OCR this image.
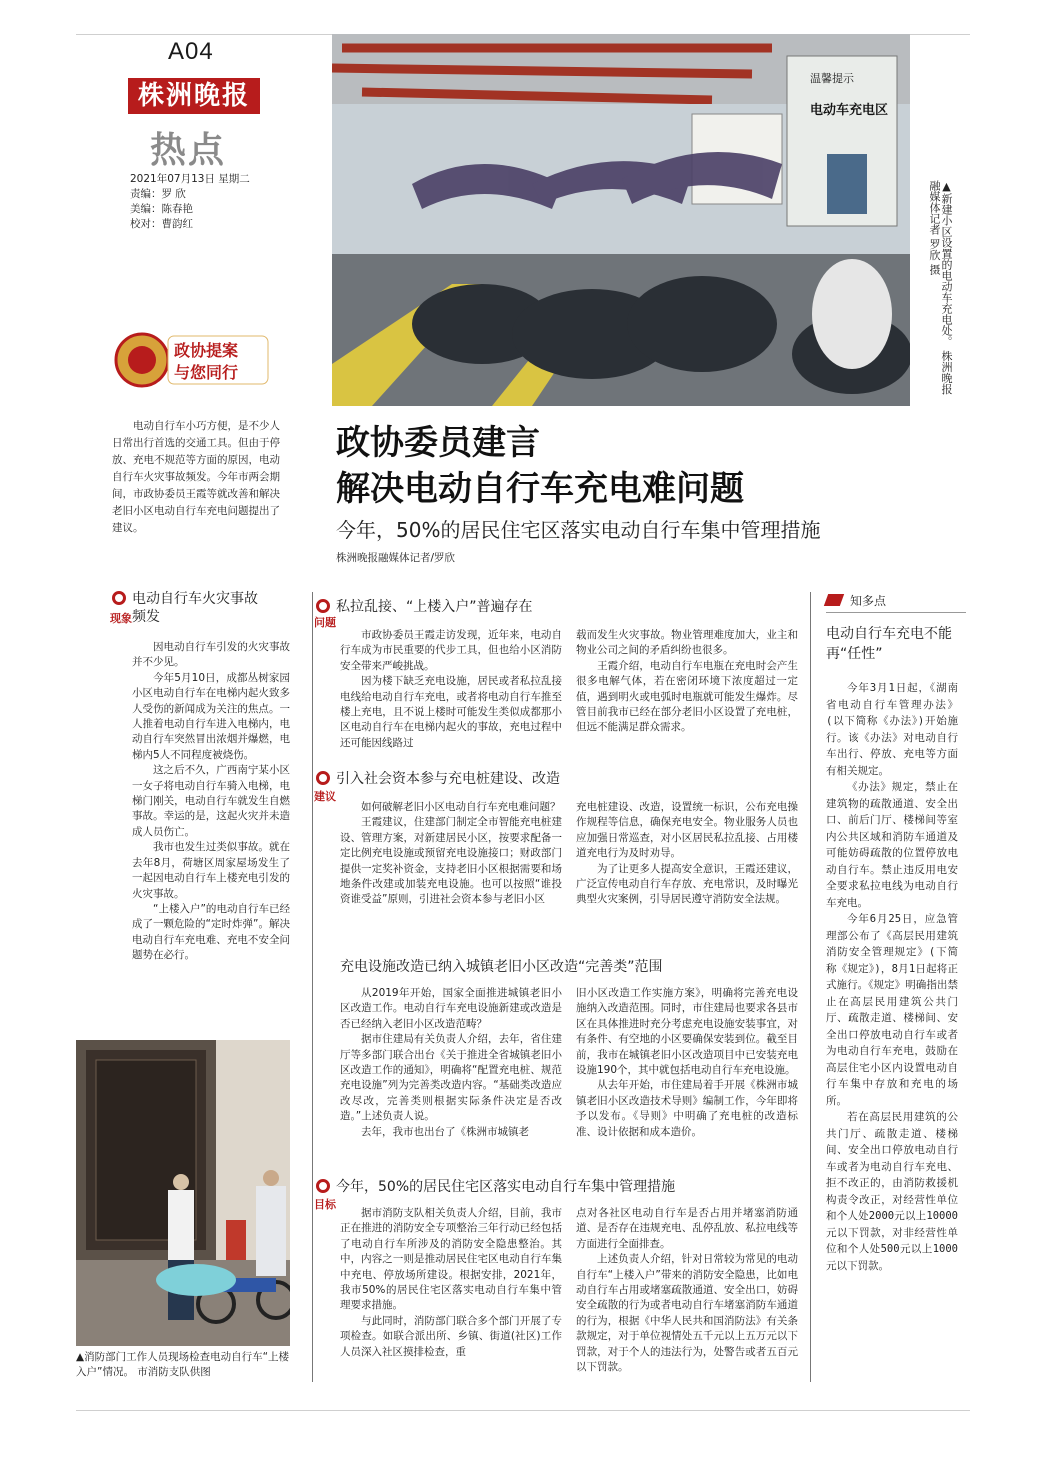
A04
株洲晚报
热点
2021年07月13日 星期二
责编：罗 欣
美编：陈春艳
校对：曹韵红
温馨提示
电动车充电区
▲新建小区设置的电动车充电处。 株洲晚报融媒体记者 罗欣 摄
政协提案
与您同行
电动自行车小巧方便，是不少人日常出行首选的交通工具。但由于停放、充电不规范等方面的原因，电动自行车火灾事故频发。今年市两会期间，市政协委员王霞等就改善和解决老旧小区电动自行车充电问题提出了建议。
政协委员建言
解决电动自行车充电难问题
今年，50%的居民住宅区落实电动自行车集中管理措施
株洲晚报融媒体记者/罗欣
电动自行车火灾事故
频发
现象

因电动自行车引发的火灾事故并不少见。

今年5月10日，成都丛树家园小区电动自行车在电梯内起火致多人受伤的新闻成为关注的焦点。一人推着电动自行车进入电梯内，电动自行车突然冒出浓烟并爆燃，电梯内5人不同程度被烧伤。

这之后不久，广西南宁某小区一女子将电动自行车骑入电梯，电梯门刚关，电动自行车就发生自燃事故。幸运的是，这起火灾并未造成人员伤亡。

我市也发生过类似事故。就在去年8月，荷塘区周家屋场发生了一起因电动自行车上楼充电引发的火灾事故。

“上楼入户”的电动自行车已经成了一颗危险的“定时炸弹”。解决电动自行车充电难、充电不安全问题势在必行。

私拉乱接、“上楼入户”普遍存在
问题

市政协委员王霞走访发现，近年来，电动自行车成为市民重要的代步工具，但也给小区消防安全带来严峻挑战。

因为楼下缺乏充电设施，居民或者私拉乱接电线给电动自行车充电，或者将电动自行车推至楼上充电，且不说上楼时可能发生类似成都那小区电动自行车在电梯内起火的事故，充电过程中还可能因线路过

载而发生火灾事故。物业管理难度加大，业主和物业公司之间的矛盾纠纷也很多。

王霞介绍，电动自行车电瓶在充电时会产生很多电解气体，若在密闭环境下浓度超过一定值，遇到明火或电弧时电瓶就可能发生爆炸。尽管目前我市已经在部分老旧小区设置了充电桩，但远不能满足群众需求。

引入社会资本参与充电桩建设、改造
建议

如何破解老旧小区电动自行车充电难问题？

王霞建议，住建部门制定全市智能充电桩建设、管理方案，对新建居民小区，按要求配备一定比例充电设施或预留充电设施接口；财政部门提供一定奖补资金，支持老旧小区根据需要和场地条件改建或加装充电设施。也可以按照“谁投资谁受益”原则，引进社会资本参与老旧小区

充电桩建设、改造，设置统一标识，公布充电操作规程等信息，确保充电安全。物业服务人员也应加强日常巡查，对小区居民私拉乱接、占用楼道充电行为及时劝导。

为了让更多人提高安全意识，王霞还建议，广泛宣传电动自行车存放、充电常识，及时曝光典型火灾案例，引导居民遵守消防安全法规。

充电设施改造已纳入城镇老旧小区改造“完善类”范围

从2019年开始，国家全面推进城镇老旧小区改造工作。电动自行车充电设施新建或改造是否已经纳入老旧小区改造范畴？

据市住建局有关负责人介绍，去年，省住建厅等多部门联合出台《关于推进全省城镇老旧小区改造工作的通知》，明确将“配置充电桩、规范充电设施”列为完善类改造内容。“基础类改造应改尽改，完善类则根据实际条件决定是否改造。”上述负责人说。

去年，我市也出台了《株洲市城镇老

旧小区改造工作实施方案》，明确将完善充电设施纳入改造范围。同时，市住建局也要求各县市区在具体推进时充分考虑充电设施安装事宜，对有条件、有空地的小区要确保安装到位。截至目前，我市在城镇老旧小区改造项目中已安装充电设施190个，其中就包括电动自行车充电设施。

从去年开始，市住建局着手开展《株洲市城镇老旧小区改造技术导则》编制工作，今年即将予以发布。《导则》中明确了充电桩的改造标准、设计依据和成本造价。

今年，50%的居民住宅区落实电动自行车集中管理措施
目标

据市消防支队相关负责人介绍，目前，我市正在推进的消防安全专项整治三年行动已经包括了电动自行车所涉及的消防安全隐患整治。其中，内容之一则是推动居民住宅区电动自行车集中充电、停放场所建设。根据安排，2021年，我市50%的居民住宅区落实电动自行车集中管理要求措施。

与此同时，消防部门联合多个部门开展了专项检查。如联合派出所、乡镇、街道(社区)工作人员深入社区摸排检查，重

点对各社区电动自行车是否占用并堵塞消防通道、是否存在违规充电、乱停乱放、私拉电线等方面进行全面排查。

上述负责人介绍，针对日常较为常见的电动自行车“上楼入户”带来的消防安全隐患，比如电动自行车占用或堵塞疏散通道、安全出口，妨碍安全疏散的行为或者电动自行车堵塞消防车通道的行为，根据《中华人民共和国消防法》有关条款规定，对于单位视情处五千元以上五万元以下罚款，对于个人的违法行为，处警告或者五百元以下罚款。

知多点
电动自行车充电不能再“任性”

今年3月1日起，《湖南省电动自行车管理办法》(以下简称《办法》)开始施行。该《办法》对电动自行车出行、停放、充电等方面有相关规定。

《办法》规定，禁止在建筑物的疏散通道、安全出口、前后门厅、楼梯间等室内公共区域和消防车通道及可能妨碍疏散的位置停放电动自行车。禁止违反用电安全要求私拉电线为电动自行车充电。

今年6月25日，应急管理部公布了《高层民用建筑消防安全管理规定》(下简称《规定》)，8月1日起将正式施行。《规定》明确指出禁止在高层民用建筑公共门厅、疏散走道、楼梯间、安全出口停放电动自行车或者为电动自行车充电，鼓励在高层住宅小区内设置电动自行车集中存放和充电的场所。

若在高层民用建筑的公共门厅、疏散走道、楼梯间、安全出口停放电动自行车或者为电动自行车充电、拒不改正的，由消防救援机构责令改正，对经营性单位和个人处2000元以上10000元以下罚款，对非经营性单位和个人处500元以上1000元以下罚款。

▲消防部门工作人员现场检查电动自行车“上楼入户”情况。 市消防支队供图
